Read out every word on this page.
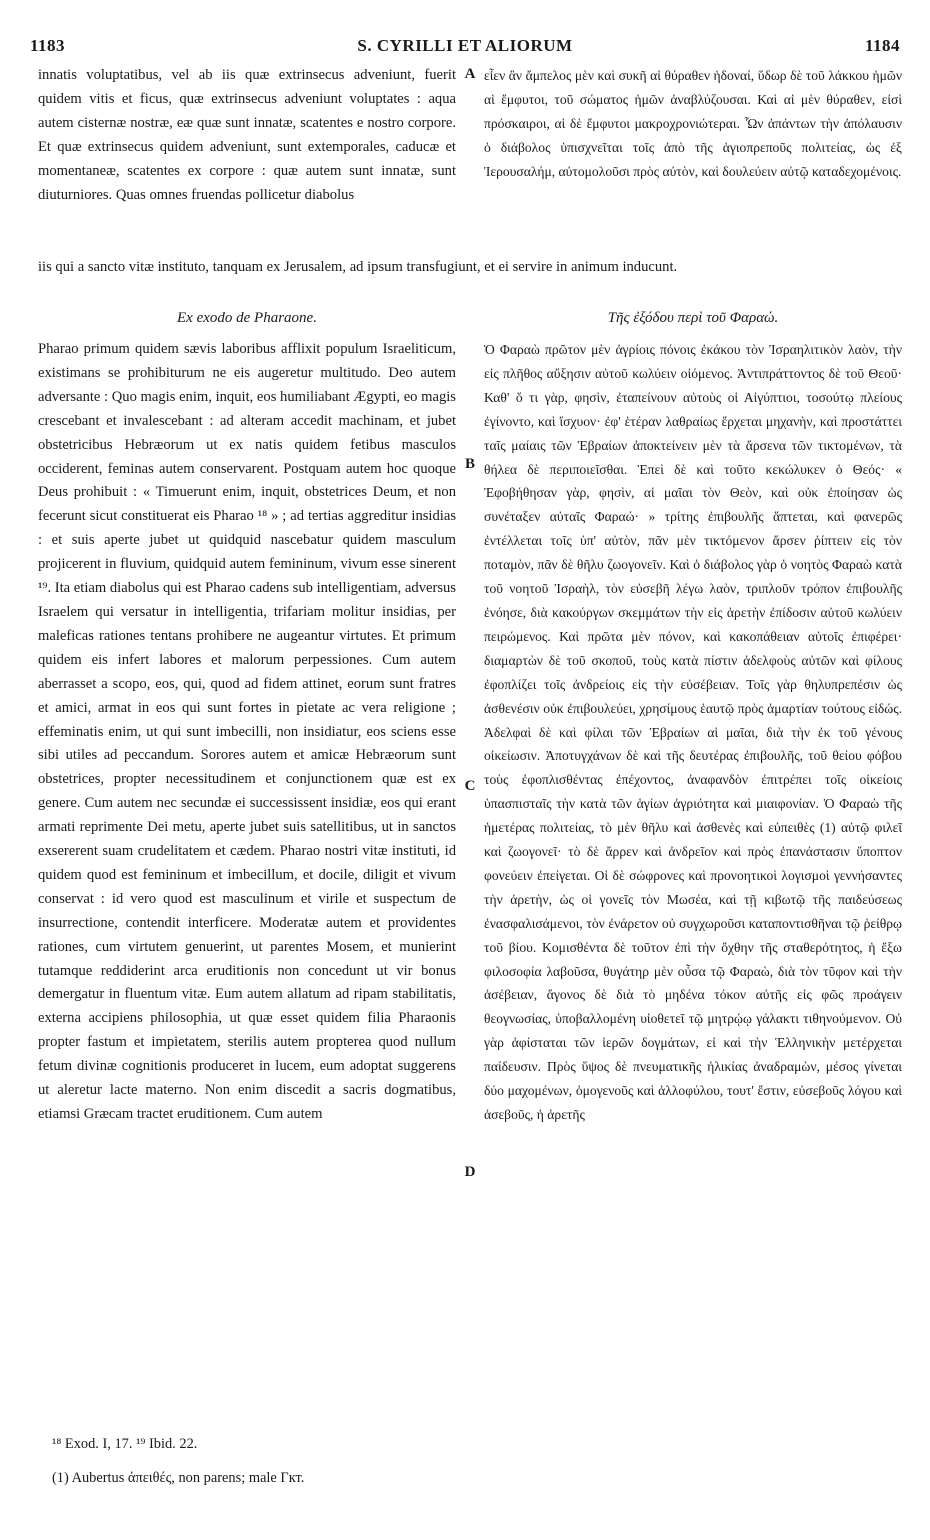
1183	S. CYRILLI ET ALIORUM	1184

innatis voluptatibus, vel ab iis quæ extrinsecus adveniunt, fuerit quidem vitis et ficus, quæ extrinsecus adveniunt voluptates : aqua autem cisternæ nostræ, eæ quæ sunt innatæ, scatentes e nostro corpore. Et quæ extrinsecus quidem adveniunt, sunt extemporales, caducæ et momentaneæ, scatentes ex corpore : quæ autem sunt innatæ, sunt diuturniores. Quas omnes fruendas pollicetur diabolus

εἶεν ἂν ἄμπελος μὲν καὶ συκῆ αἱ θύραθεν ἡδοναί, ὕδωρ δὲ τοῦ λάκκου ἡμῶν αἱ ἔμφυτοι, τοῦ σώματος ἡμῶν ἀναβλύζουσαι. Καὶ αἱ μὲν θύραθεν, εἰσὶ πρόσκαιροι, αἱ δὲ ἔμφυτοι μακροχρονιώτεραι. Ὧν ἀπάντων τὴν ἀπόλαυσιν ὁ διάβολος ὑπισχνεῖται τοῖς ἀπὸ τῆς ἁγιοπρεποῦς πολιτείας, ὡς ἐξ Ἱερουσαλήμ, αὐτομολοῦσι πρὸς αὐτὸν, καὶ δουλεύειν αὐτῷ καταδεχομένοις.

iis qui a sancto vitæ instituto, tanquam ex Jerusalem, ad ipsum transfugiunt, et ei servire in animum inducunt.
Ex exodo de Pharaone.	Τῆς ἐξόδου περὶ τοῦ Φαραώ.

Pharao primum quidem sævis laboribus afflixit populum Israeliticum, existimans se prohibiturum ne eis augeretur multitudo. Deo autem adversante : Quo magis enim, inquit, eos humiliabant Ægypti, eo magis crescebant et invalescebant : ad alteram accedit machinam, et jubet obstetricibus Hebræorum ut ex natis quidem fetibus masculos occiderent, feminas autem conservarent. Postquam autem hoc quoque Deus prohibuit : « Timuerunt enim, inquit, obstetrices Deum, et non fecerunt sicut constituerat eis Pharao ¹⁸ » ; ad tertias aggreditur insidias : et suis aperte jubet ut quidquid nascebatur quidem masculum projicerent in fluvium, quidquid autem femininum, vivum esse sinerent ¹⁹. Ita etiam diabolus qui est Pharao cadens sub intelligentiam, adversus Israelem qui versatur in intelligentia, trifariam molitur insidias, per maleficas rationes tentans prohibere ne augeantur virtutes. Et primum quidem eis infert labores et malorum perpessiones. Cum autem aberrasset a scopo, eos, qui, quod ad fidem attinet, eorum sunt fratres et amici, armat in eos qui sunt fortes in pietate ac vera religione ; effeminatis enim, ut qui sunt imbecilli, non insidiatur, eos sciens esse sibi utiles ad peccandum. Sorores autem et amicæ Hebræorum sunt obstetrices, propter necessitudinem et conjunctionem quæ est ex genere. Cum autem nec secundæ ei successissent insidiæ, eos qui erant armati reprimente Dei metu, aperte jubet suis satellitibus, ut in sanctos exsererent suam crudelitatem et cædem. Pharao nostri vitæ instituti, id quidem quod est femininum et imbecillum, et docile, diligit et vivum conservat : id vero quod est masculinum et virile et suspectum de insurrectione, contendit interficere. Moderatæ autem et providentes rationes, cum virtutem genuerint, ut parentes Mosem, et munierint tutamque reddiderint arca eruditionis non concedunt ut vir bonus demergatur in fluentum vitæ. Eum autem allatum ad ripam stabilitatis, externa accipiens philosophia, ut quæ esset quidem filia Pharaonis propter fastum et impietatem, sterilis autem propterea quod nullum fetum divinæ cognitionis produceret in lucem, eum adoptat suggerens ut aleretur lacte materno. Non enim discedit a sacris dogmatibus, etiamsi Græcam tractet eruditionem. Cum autem

Ὁ Φαραὼ πρῶτον μὲν ἀγρίοις πόνοις ἐκάκου τὸν Ἰσραηλιτικὸν λαὸν, τὴν εἰς πλῆθος αὔξησιν αὐτοῦ κωλύειν οἰόμενος. Ἀντιπράττοντος δὲ τοῦ Θεοῦ· Καθ' ὅ τι γὰρ, φησὶν, ἐταπείνουν αὐτοὺς οἱ Αἰγύπτιοι, τοσούτῳ πλείους ἐγίνοντο, καὶ ἴσχυον· ἐφ' ἑτέραν λαθραίως ἔρχεται μηχανὴν, καὶ προστάττει ταῖς μαίαις τῶν Ἑβραίων ἀποκτείνειν μὲν τὰ ἄρσενα τῶν τικτομένων, τὰ θήλεα δὲ περιποιεῖσθαι. Ἐπεὶ δὲ καὶ τοῦτο κεκώλυκεν ὁ Θεός· « Ἐφοβήθησαν γὰρ, φησὶν, αἱ μαῖαι τὸν Θεὸν, καὶ οὐκ ἐποίησαν ὡς συνέταξεν αὐταῖς Φαραώ· » τρίτης ἐπιβουλῆς ἅπτεται, καὶ φανερῶς ἐντέλλεται τοῖς ὑπ' αὐτὸν, πᾶν μὲν τικτόμενον ἄρσεν ῥίπτειν εἰς τὸν ποταμὸν, πᾶν δὲ θῆλυ ζωογονεῖν. Καὶ ὁ διάβολος γὰρ ὁ νοητὸς Φαραὼ κατὰ τοῦ νοητοῦ Ἰσραὴλ, τὸν εὐσεβῆ λέγω λαὸν, τριπλοῦν τρόπον ἐπιβουλῆς ἐνόησε, διὰ κακούργων σκεμμάτων τὴν εἰς ἀρετὴν ἐπίδοσιν αὐτοῦ κωλύειν πειρώμενος. Καὶ πρῶτα μὲν πόνον, καὶ κακοπάθειαν αὐτοῖς ἐπιφέρει· διαμαρτὼν δὲ τοῦ σκοποῦ, τοὺς κατὰ πίστιν ἀδελφοὺς αὐτῶν καὶ φίλους ἐφοπλίζει τοῖς ἀνδρείοις εἰς τὴν εὐσέβειαν. Τοῖς γὰρ θηλυπρεπέσιν ὡς ἀσθενέσιν οὐκ ἐπιβουλεύει, χρησίμους ἑαυτῷ πρὸς ἁμαρτίαν τούτους εἰδώς. Ἀδελφαὶ δὲ καὶ φίλαι τῶν Ἑβραίων αἱ μαῖαι, διὰ τὴν ἐκ τοῦ γένους οἰκείωσιν. Ἀποτυγχάνων δὲ καὶ τῆς δευτέρας ἐπιβουλῆς, τοῦ θείου φόβου τοὺς ἐφοπλισθέντας ἐπέχοντος, ἀναφανδὸν ἐπιτρέπει τοῖς οἰκείοις ὑπασπισταῖς τὴν κατὰ τῶν ἁγίων ἀγριότητα καὶ μιαιφονίαν. Ὁ Φαραὼ τῆς ἡμετέρας πολιτείας, τὸ μὲν θῆλυ καὶ ἀσθενὲς καὶ εὐπειθὲς (1) αὐτῷ φιλεῖ καὶ ζωογονεῖ· τὸ δὲ ἄρρεν καὶ ἀνδρεῖον καὶ πρὸς ἐπανάστασιν ὕποπτον φονεύειν ἐπείγεται. Οἱ δὲ σώφρονες καὶ προνοητικοὶ λογισμοὶ γεννήσαντες τὴν ἀρετὴν, ὡς οἱ γονεῖς τὸν Μωσέα, καὶ τῇ κιβωτῷ τῆς παιδεύσεως ἐνασφαλισάμενοι, τὸν ἐνάρετον οὐ συγχωροῦσι καταποντισθῆναι τῷ ῥείθρῳ τοῦ βίου. Κομισθέντα δὲ τοῦτον ἐπὶ τὴν ὄχθην τῆς σταθερότητος, ἡ ἔξω φιλοσοφία λαβοῦσα, θυγάτηρ μὲν οὖσα τῷ Φαραὼ, διὰ τὸν τῦφον καὶ τὴν ἀσέβειαν, ἄγονος δὲ διὰ τὸ μηδένα τόκον αὐτῆς εἰς φῶς προάγειν θεογνωσίας, ὑποβαλλομένη υἱοθετεῖ τῷ μητρῴῳ γάλακτι τιθηνούμενον. Οὐ γὰρ ἀφίσταται τῶν ἱερῶν δογμάτων, εἰ καὶ τὴν Ἑλληνικὴν μετέρχεται παίδευσιν. Πρὸς ὕψος δὲ πνευματικῆς ἡλικίας ἀναδραμὼν, μέσος γίνεται δύο μαχομένων, ὁμογενοῦς καὶ ἀλλοφύλου, τουτ' ἔστιν, εὐσεβοῦς λόγου καὶ ἀσεβοῦς, ἡ ἀρετῆς

A
B
C
D
¹⁸ Exod. I, 17. ¹⁹ Ibid. 22.
(1) Aubertus ἀπειθές, non parens; male Гкт.
